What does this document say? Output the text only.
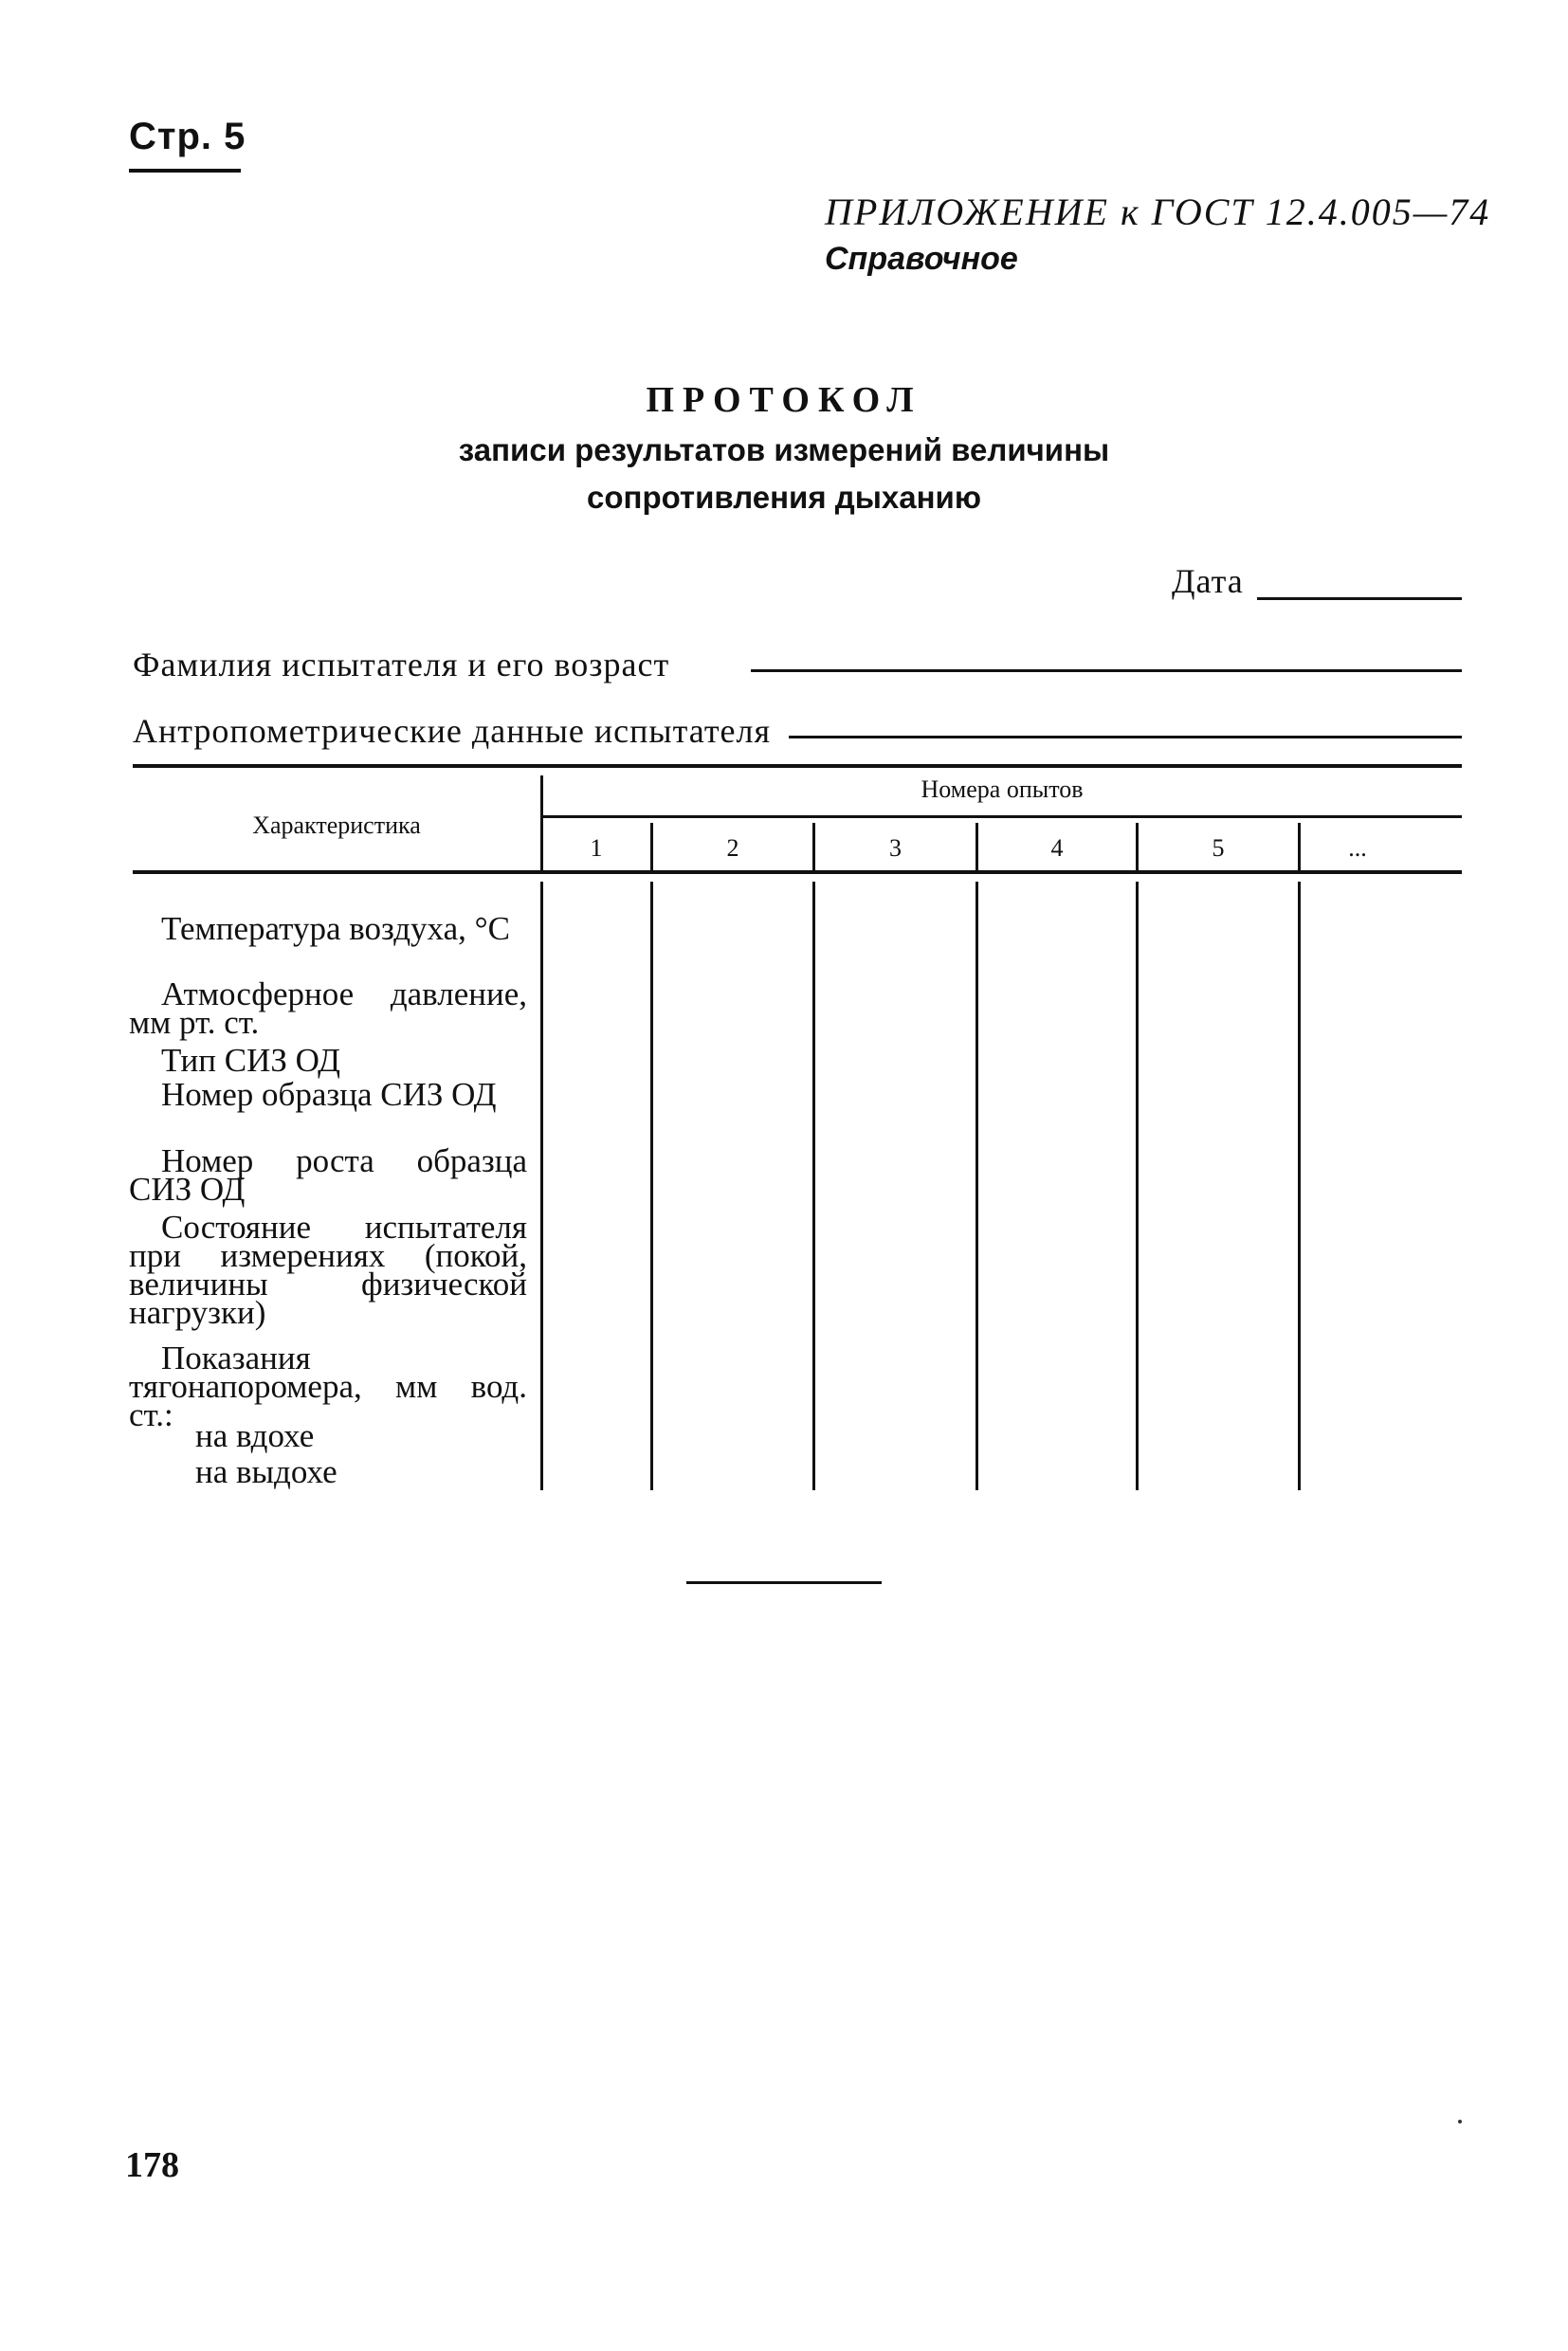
Стр. 5
ПРИЛОЖЕНИЕ к ГОСТ 12.4.005—74
Справочное
ПРОТОКОЛ
записи результатов измерений величины
сопротивления дыханию
Дата
Фамилия испытателя и его возраст
Антропометрические данные испытателя
Характеристика
Номера опытов
1	2	3	4	5	...
Температура воздуха, °С
Атмосферное давление, мм рт. ст.
Тип СИЗ ОД
Номер образца СИЗ ОД
Номер роста образца СИЗ ОД
Состояние испытателя при измерениях (покой, величины физической нагрузки)
Показания тягонапоромера, мм вод. ст.:
на вдохе
на выдохе
178
